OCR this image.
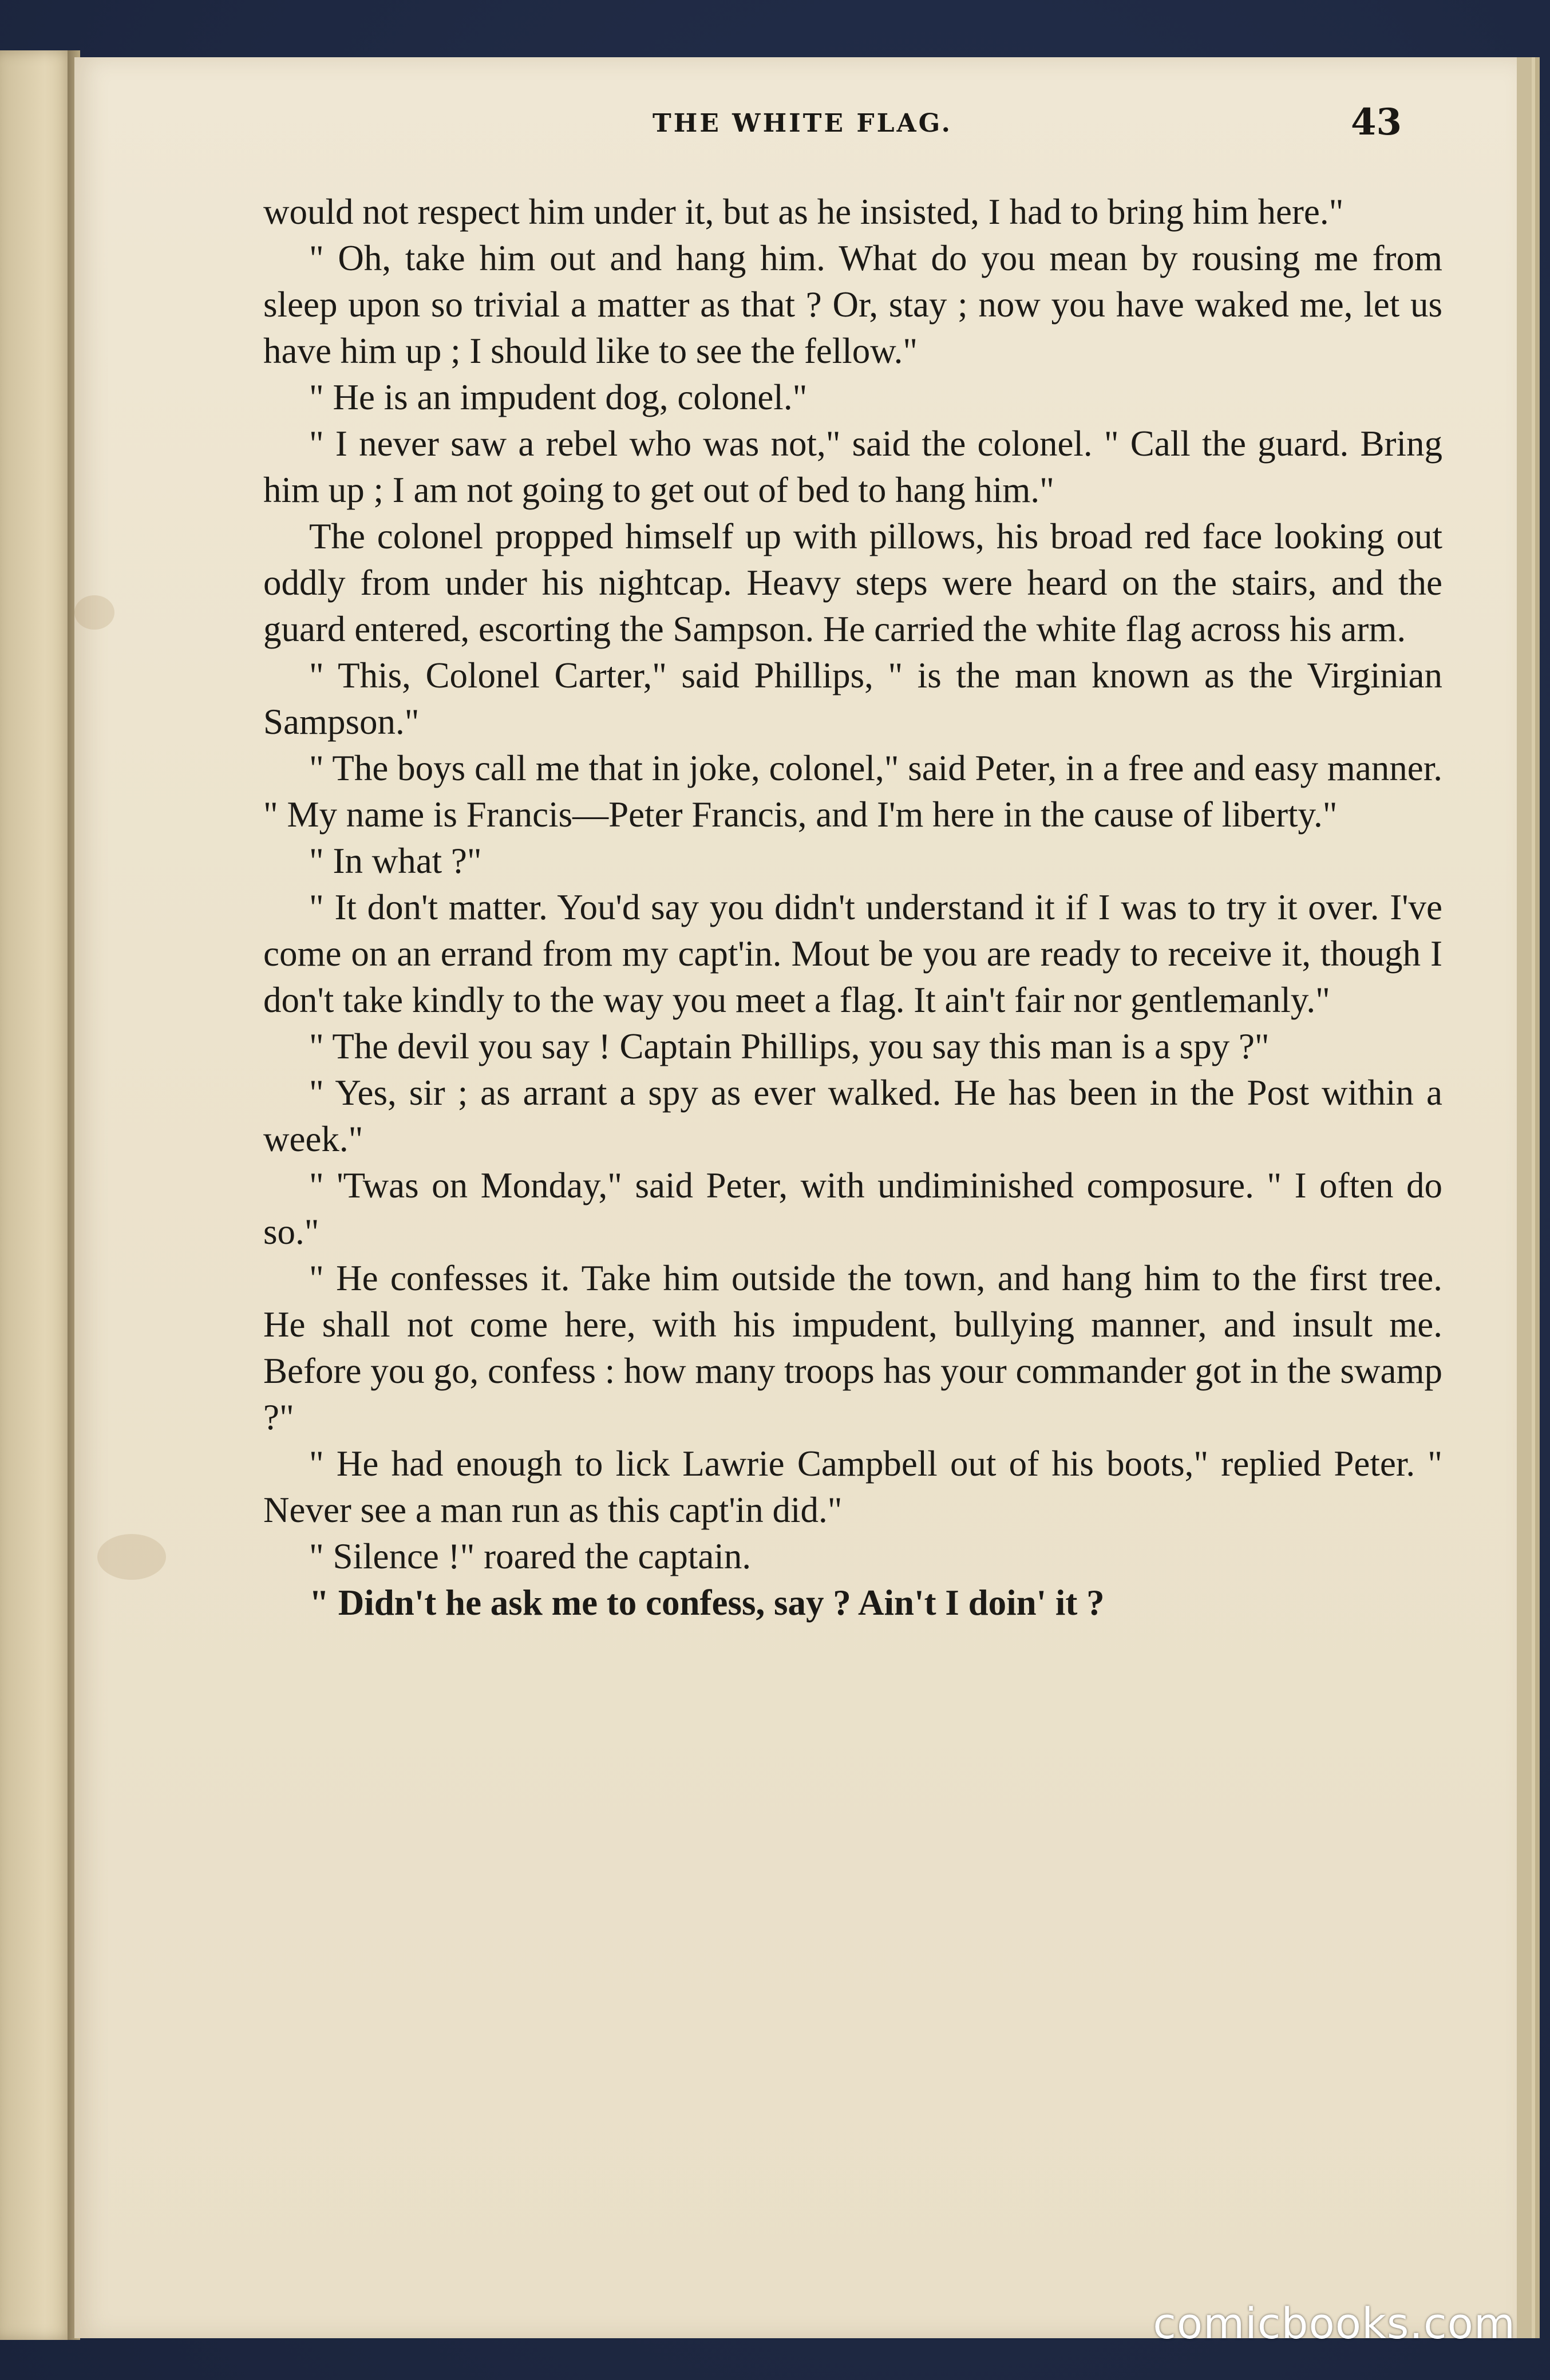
THE WHITE FLAG.	43

would not respect him under it, but as he insisted, I had to bring him here."

" Oh, take him out and hang him. What do you mean by rousing me from sleep upon so trivial a matter as that ? Or, stay ; now you have waked me, let us have him up ; I should like to see the fellow."

" He is an impudent dog, colonel."

" I never saw a rebel who was not," said the colonel. " Call the guard. Bring him up ; I am not going to get out of bed to hang him."

The colonel propped himself up with pillows, his broad red face looking out oddly from under his nightcap. Heavy steps were heard on the stairs, and the guard entered, escorting the Sampson. He carried the white flag across his arm.

" This, Colonel Carter," said Phillips, " is the man known as the Virginian Sampson."

" The boys call me that in joke, colonel," said Peter, in a free and easy manner. " My name is Francis—Peter Francis, and I'm here in the cause of liberty."

" In what ?"

" It don't matter. You'd say you didn't understand it if I was to try it over. I've come on an errand from my capt'in. Mout be you are ready to receive it, though I don't take kindly to the way you meet a flag. It ain't fair nor gentlemanly."

" The devil you say ! Captain Phillips, you say this man is a spy ?"

" Yes, sir ; as arrant a spy as ever walked. He has been in the Post within a week."

" 'Twas on Monday," said Peter, with undiminished composure. " I often do so."

" He confesses it. Take him outside the town, and hang him to the first tree. He shall not come here, with his impudent, bullying manner, and insult me. Before you go, confess : how many troops has your commander got in the swamp ?"

" He had enough to lick Lawrie Campbell out of his boots," replied Peter. " Never see a man run as this capt'in did."

" Silence !" roared the captain.

" Didn't he ask me to confess, say ? Ain't I doin' it ?

comicbooks.com
